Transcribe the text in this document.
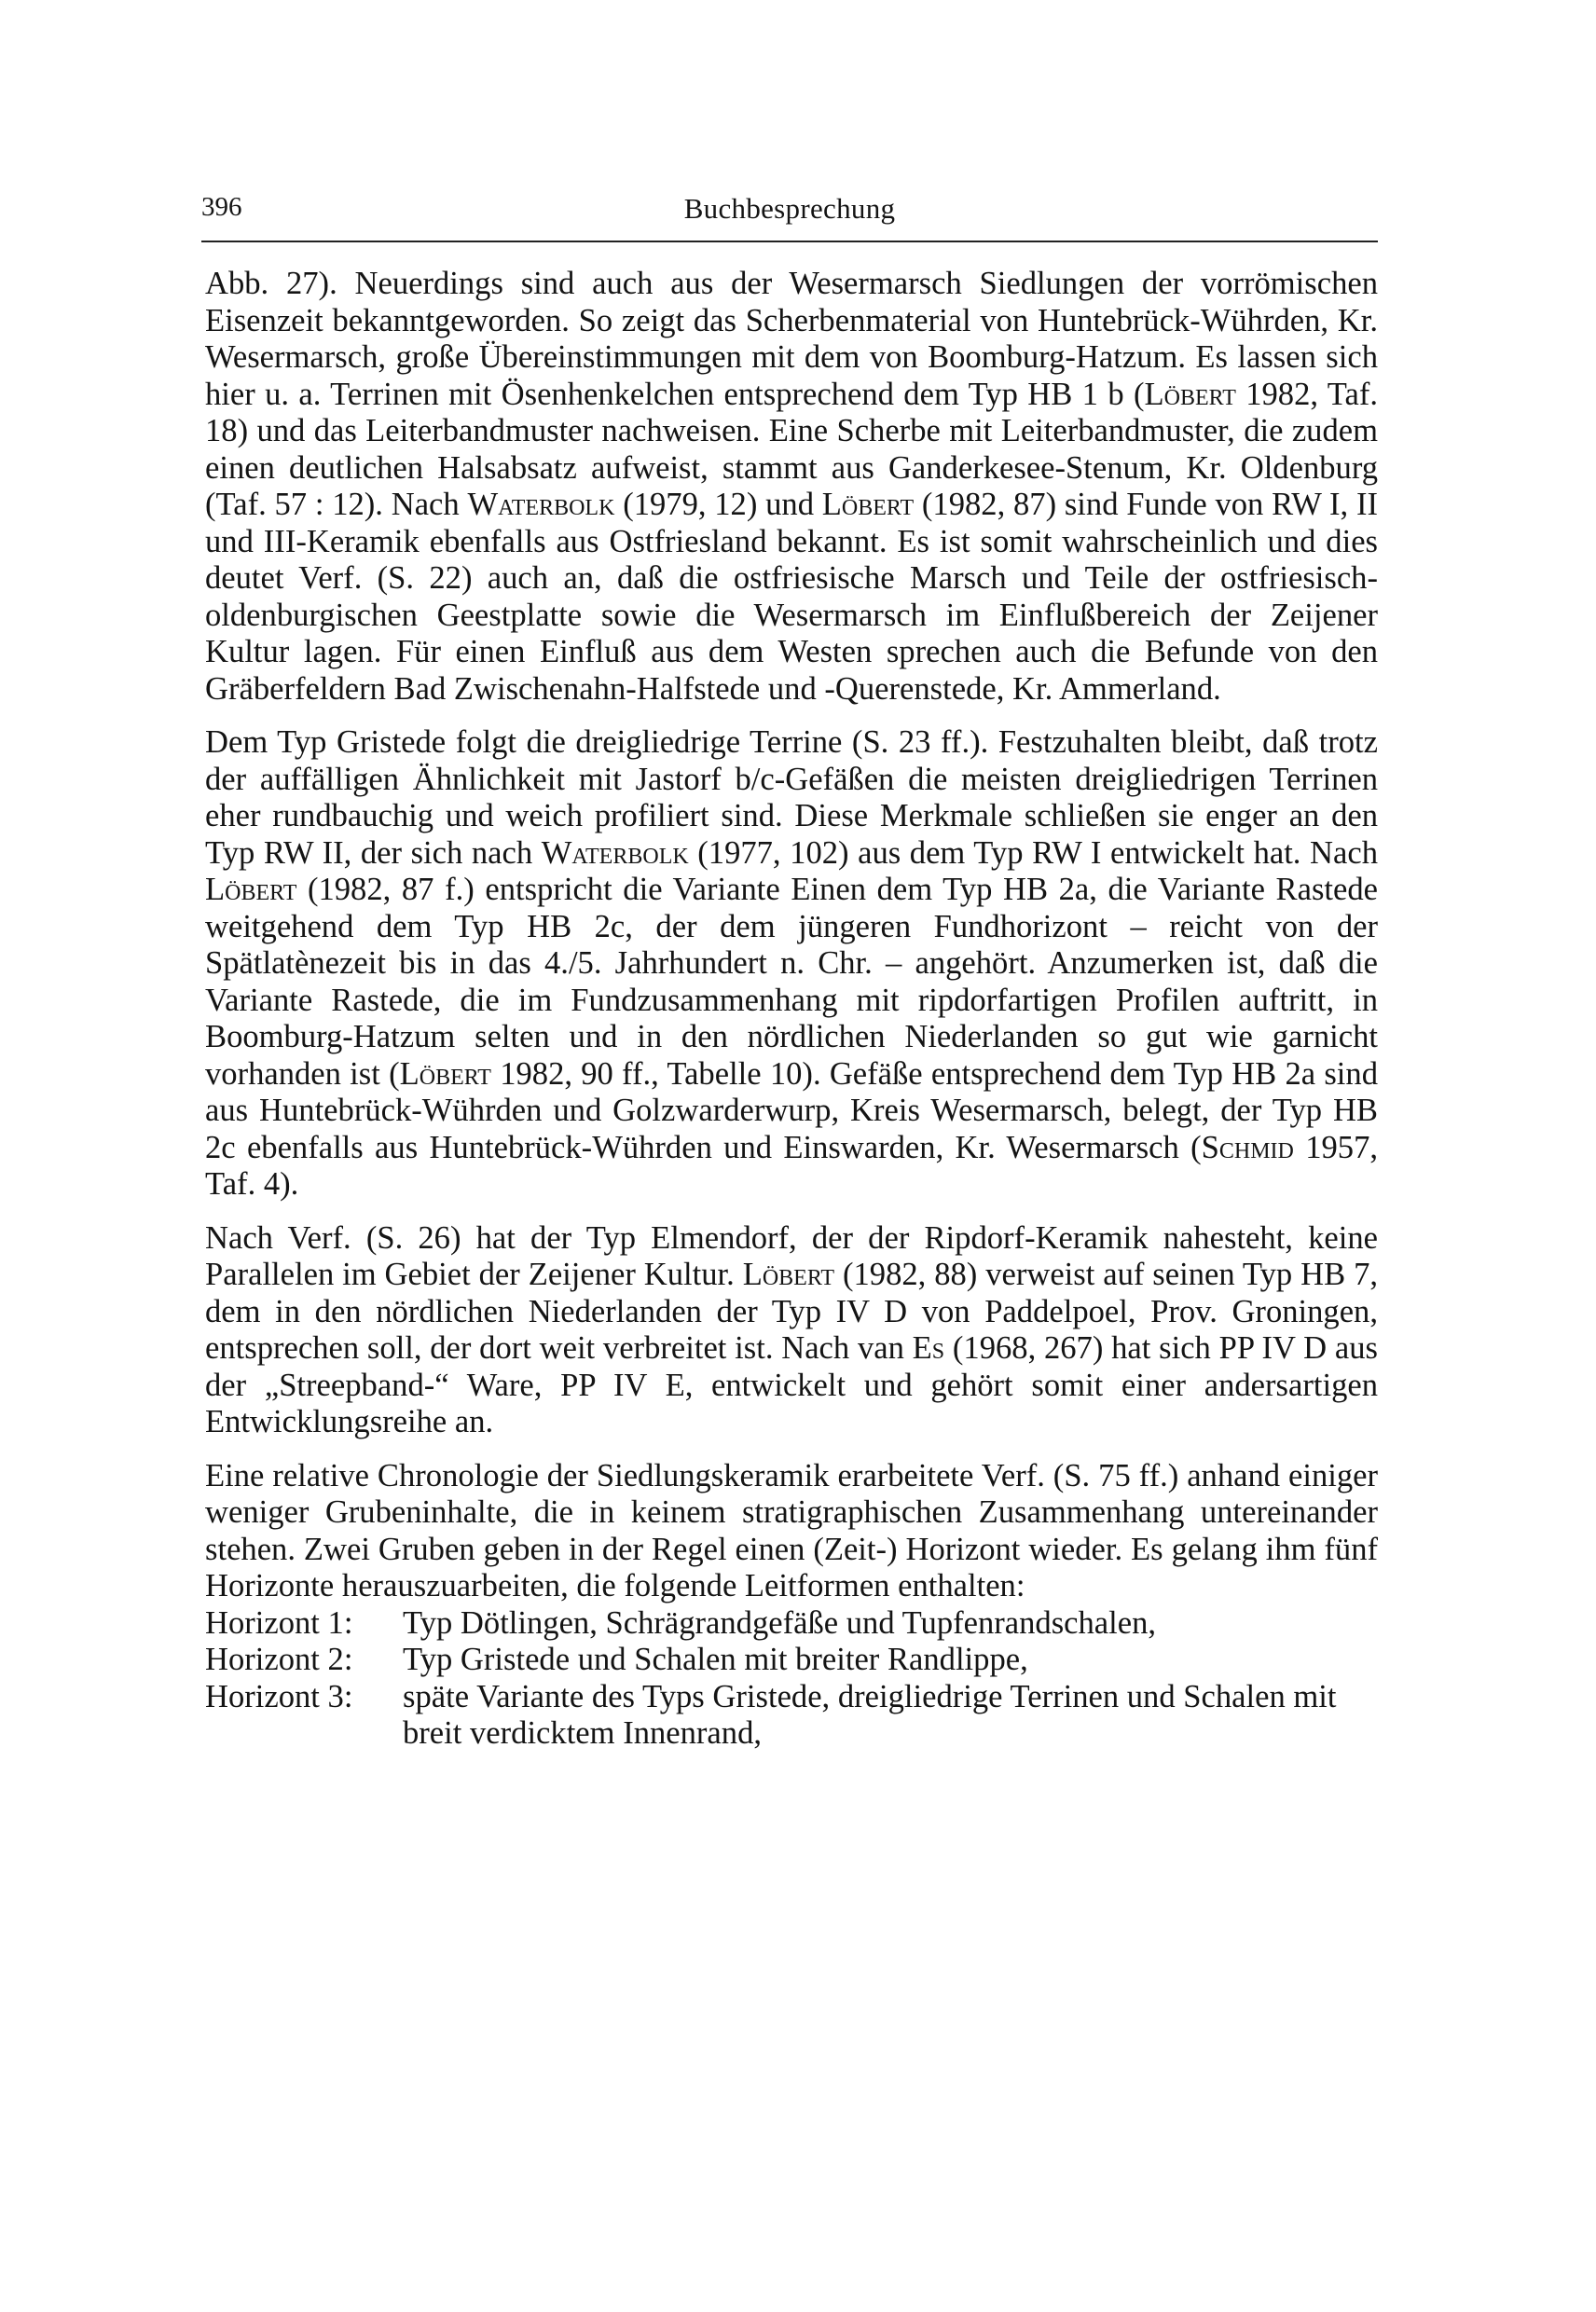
396	Buchbesprechung

Abb. 27). Neuerdings sind auch aus der Wesermarsch Siedlungen der vorrömischen Eisenzeit bekanntgeworden. So zeigt das Scherbenmaterial von Huntebrück-Wührden, Kr. Wesermarsch, große Übereinstimmungen mit dem von Boomburg-Hatzum. Es lassen sich hier u. a. Terrinen mit Ösenhenkelchen entsprechend dem Typ HB 1 b (Löbert 1982, Taf. 18) und das Leiterbandmuster nachweisen. Eine Scherbe mit Leiterbandmuster, die zudem einen deutlichen Halsabsatz aufweist, stammt aus Ganderkesee-Stenum, Kr. Oldenburg (Taf. 57 : 12). Nach Waterbolk (1979, 12) und Löbert (1982, 87) sind Funde von RW I, II und III-Keramik ebenfalls aus Ostfriesland bekannt. Es ist somit wahrscheinlich und dies deutet Verf. (S. 22) auch an, daß die ostfriesische Marsch und Teile der ostfriesisch-oldenburgischen Geestplatte sowie die Wesermarsch im Einflußbereich der Zeijener Kultur lagen. Für einen Einfluß aus dem Westen sprechen auch die Befunde von den Gräberfeldern Bad Zwischenahn-Halfstede und -Querenstede, Kr. Ammerland.

Dem Typ Gristede folgt die dreigliedrige Terrine (S. 23 ff.). Festzuhalten bleibt, daß trotz der auffälligen Ähnlichkeit mit Jastorf b/c-Gefäßen die meisten dreigliedrigen Terrinen eher rundbauchig und weich profiliert sind. Diese Merkmale schließen sie enger an den Typ RW II, der sich nach Waterbolk (1977, 102) aus dem Typ RW I entwickelt hat. Nach Löbert (1982, 87 f.) entspricht die Variante Einen dem Typ HB 2a, die Variante Rastede weitgehend dem Typ HB 2c, der dem jüngeren Fundhorizont – reicht von der Spätlatènezeit bis in das 4./5. Jahrhundert n. Chr. – angehört. Anzumerken ist, daß die Variante Rastede, die im Fundzusammenhang mit ripdorfartigen Profilen auftritt, in Boomburg-Hatzum selten und in den nördlichen Niederlanden so gut wie garnicht vorhanden ist (Löbert 1982, 90 ff., Tabelle 10). Gefäße entsprechend dem Typ HB 2a sind aus Huntebrück-Wührden und Golzwarderwurp, Kreis Wesermarsch, belegt, der Typ HB 2c ebenfalls aus Huntebrück-Wührden und Einswarden, Kr. Wesermarsch (Schmid 1957, Taf. 4).

Nach Verf. (S. 26) hat der Typ Elmendorf, der der Ripdorf-Keramik nahesteht, keine Parallelen im Gebiet der Zeijener Kultur. Löbert (1982, 88) verweist auf seinen Typ HB 7, dem in den nördlichen Niederlanden der Typ IV D von Paddelpoel, Prov. Groningen, entsprechen soll, der dort weit verbreitet ist. Nach van Es (1968, 267) hat sich PP IV D aus der „Streepband-“ Ware, PP IV E, entwickelt und gehört somit einer andersartigen Entwicklungsreihe an.

Eine relative Chronologie der Siedlungskeramik erarbeitete Verf. (S. 75 ff.) anhand einiger weniger Grubeninhalte, die in keinem stratigraphischen Zusammenhang untereinander stehen. Zwei Gruben geben in der Regel einen (Zeit-) Horizont wieder. Es gelang ihm fünf Horizonte herauszuarbeiten, die folgende Leitformen enthalten:

Horizont 1:	Typ Dötlingen, Schrägrandgefäße und Tupfenrandschalen,
Horizont 2:	Typ Gristede und Schalen mit breiter Randlippe,
Horizont 3:	späte Variante des Typs Gristede, dreigliedrige Terrinen und Schalen mit breit verdicktem Innenrand,
